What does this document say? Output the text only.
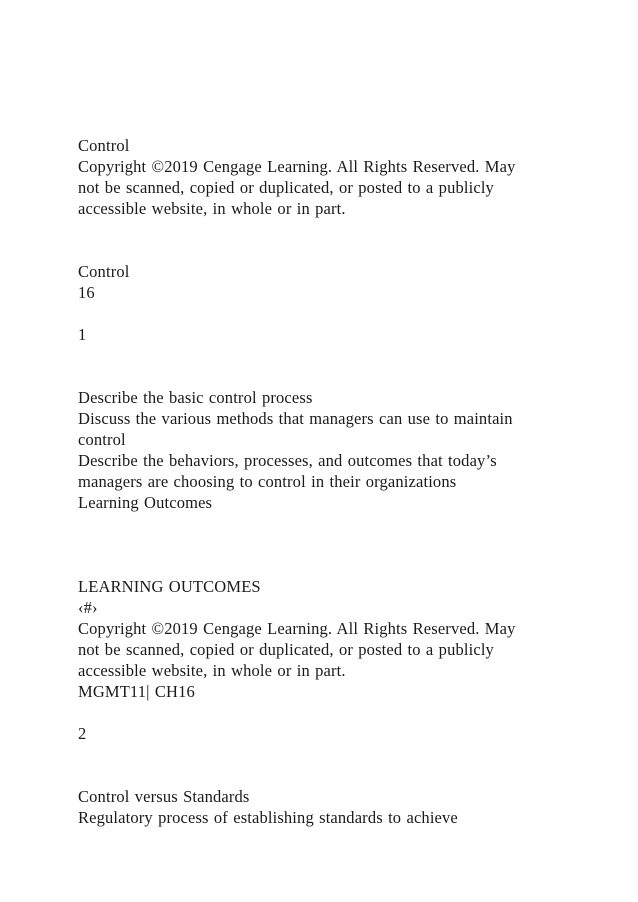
Control
Copyright ©2019 Cengage Learning. All Rights Reserved. May
not be scanned, copied or duplicated, or posted to a publicly
accessible website, in whole or in part.
Control
16
1
Describe the basic control process
Discuss the various methods that managers can use to maintain
control
Describe the behaviors, processes, and outcomes that today’s
managers are choosing to control in their organizations
Learning Outcomes
LEARNING OUTCOMES
‹#›
Copyright ©2019 Cengage Learning. All Rights Reserved. May
not be scanned, copied or duplicated, or posted to a publicly
accessible website, in whole or in part.
MGMT11| CH16
2
Control versus Standards
Regulatory process of establishing standards to achieve
